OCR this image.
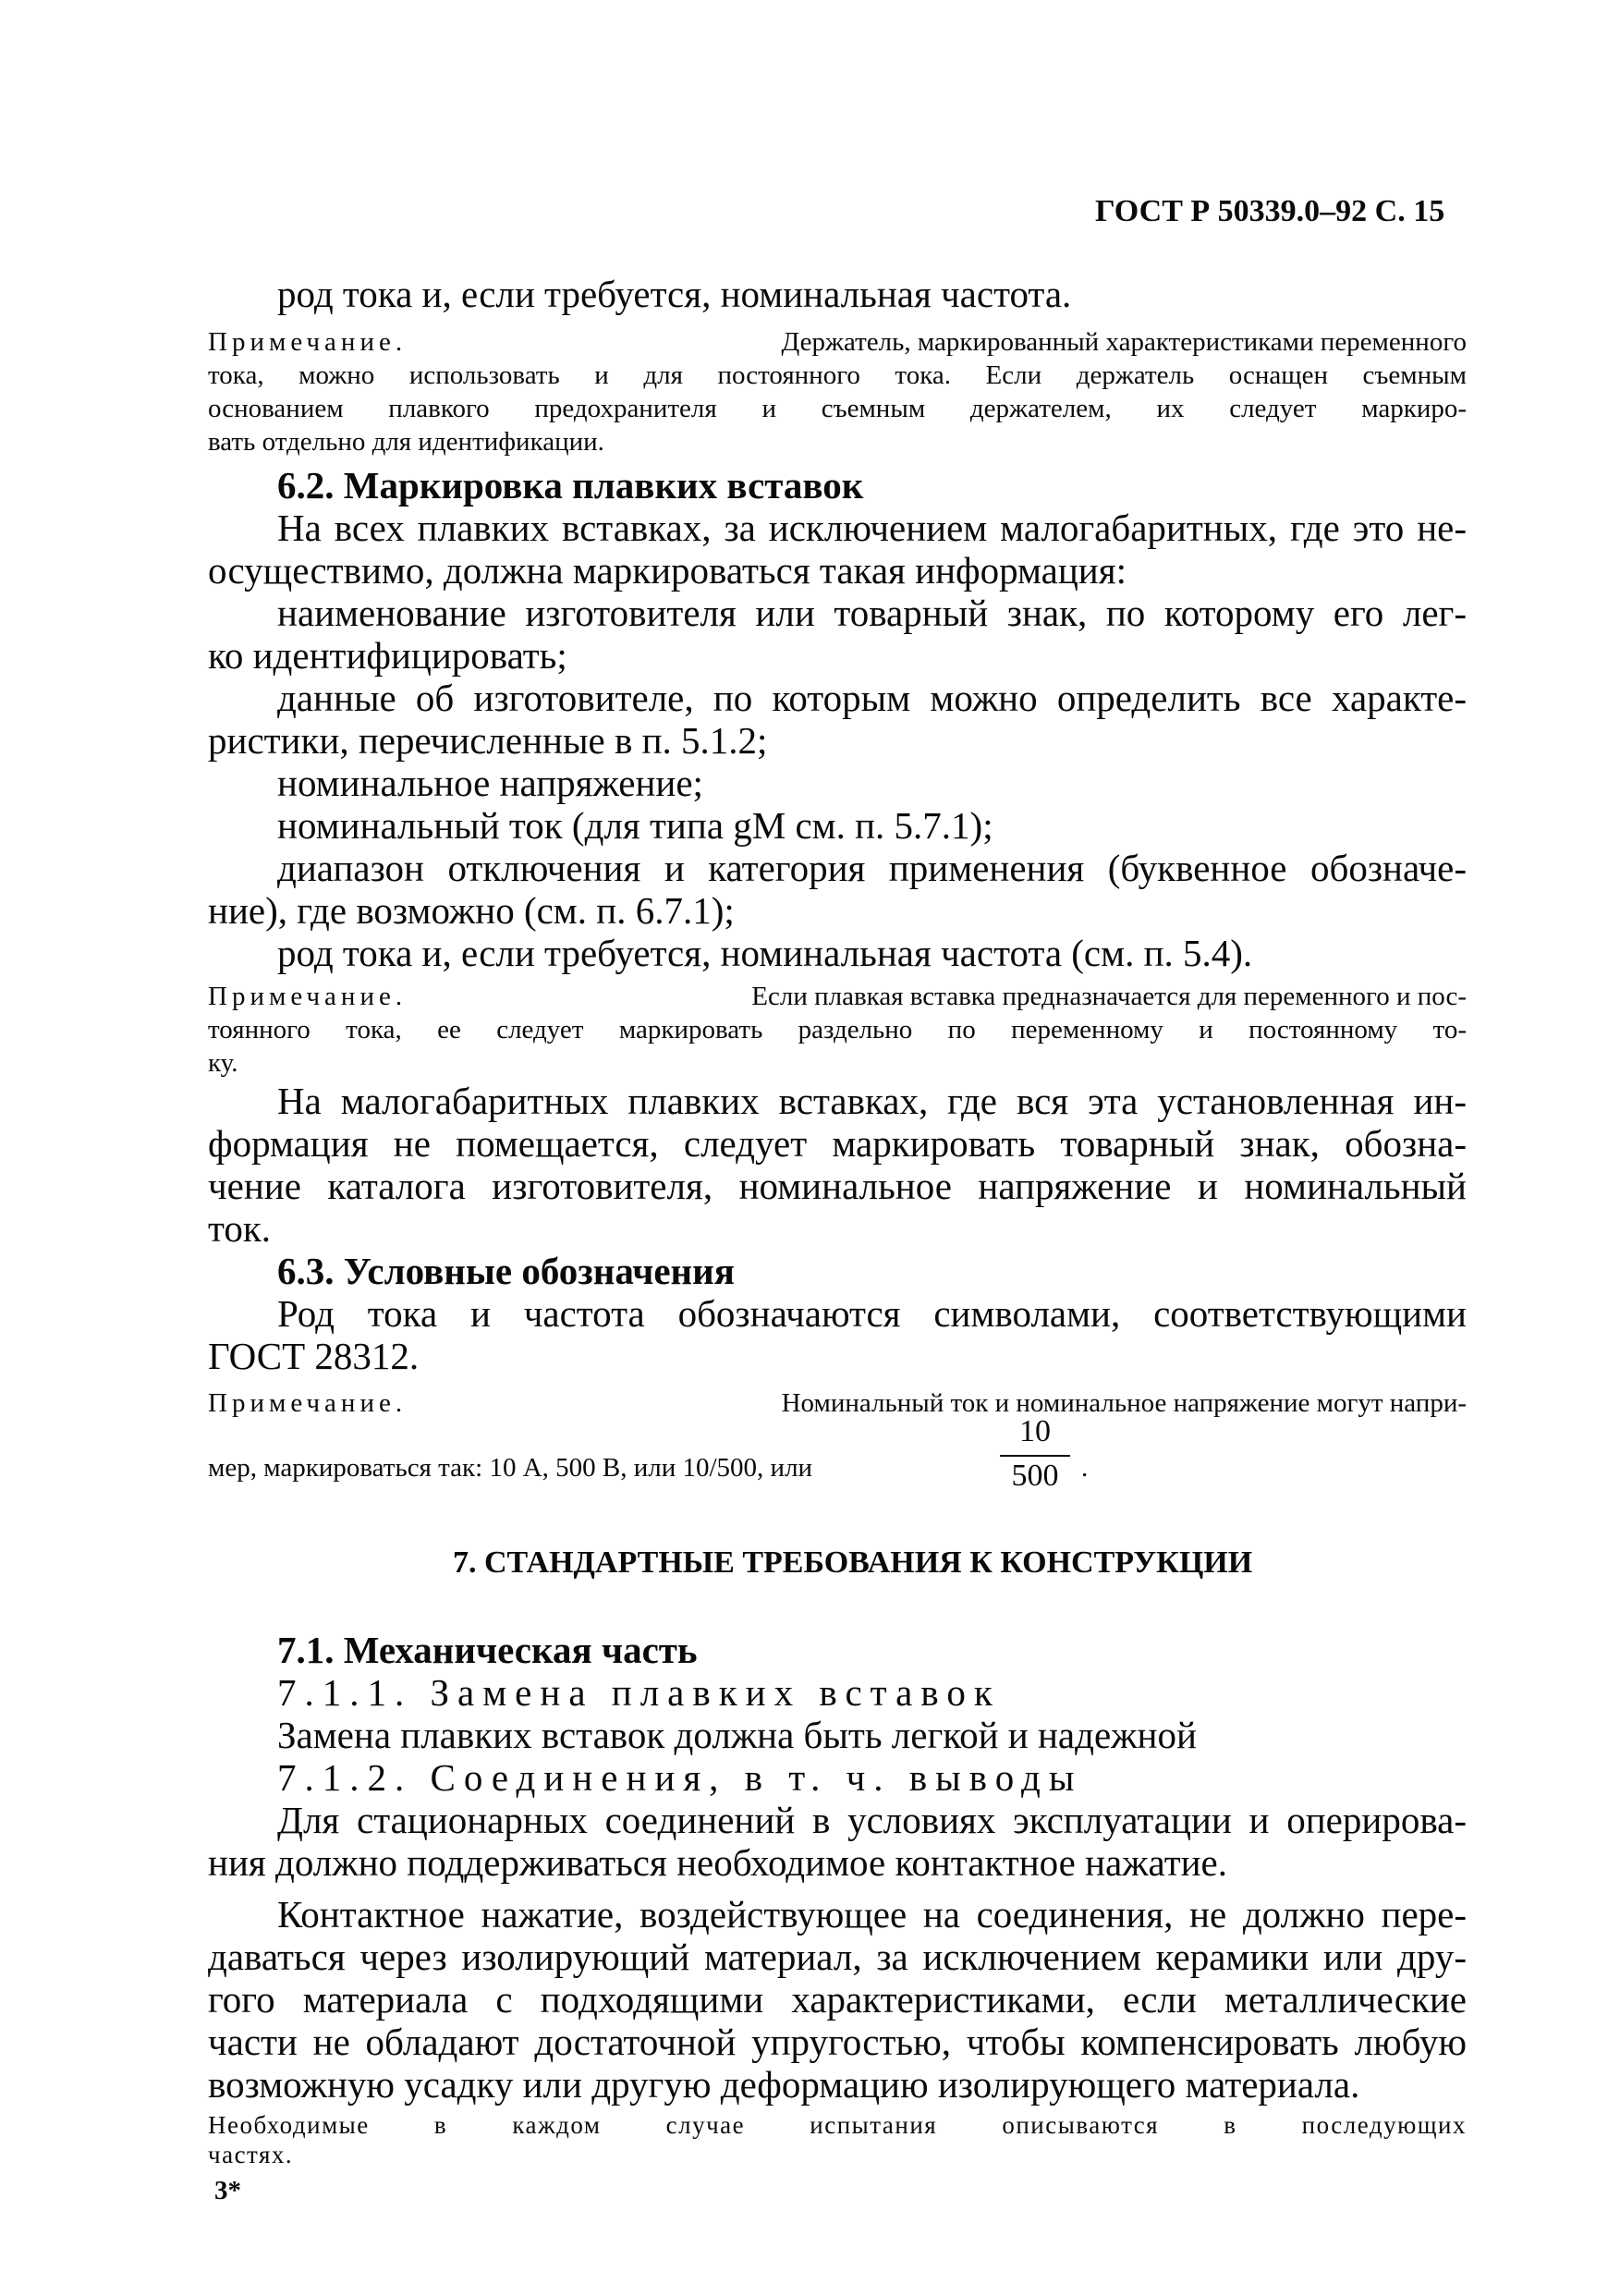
ГОСТ Р 50339.0–92 С. 15
род тока и, если требуется, номинальная частота.
Примечание.	Держатель, маркированный характеристиками переменного
тока, можно использовать и для постоянного тока. Если держатель оснащен съемным
основанием плавкого предохранителя и съемным держателем, их следует маркиро-
вать отдельно для идентификации.
6.2. Маркировка плавких вставок
На всех плавких вставках, за исключением малогабаритных, где это не-
осуществимо, должна маркироваться такая информация:
наименование изготовителя или товарный знак, по которому его лег-
ко идентифицировать;
данные об изготовителе, по которым можно определить все характе-
ристики, перечисленные в п. 5.1.2;
номинальное напряжение;
номинальный ток (для типа gM см. п. 5.7.1);
диапазон отключения и категория применения (буквенное обозначе-
ние), где возможно (см. п. 6.7.1);
род тока и, если требуется, номинальная частота (см. п. 5.4).
Примечание.	Если плавкая вставка предназначается для переменного и пос-
тоянного тока, ее следует маркировать раздельно по переменному и постоянному то-
ку.
На малогабаритных плавких вставках, где вся эта установленная ин-
формация не помещается, следует маркировать товарный знак, обозна-
чение каталога изготовителя, номинальное напряжение и номинальный
ток.
6.3. Условные обозначения
Род тока и частота обозначаются символами, соответствующими
ГОСТ 28312.
Примечание.	Номинальный ток и номинальное напряжение могут напри-
мер, маркироваться так: 10 А, 500 В, или 10/500, или
10
500 .
7. СТАНДАРТНЫЕ ТРЕБОВАНИЯ К КОНСТРУКЦИИ
7.1. Механическая часть
7.1.1. Замена плавких вставок
Замена плавких вставок должна быть легкой и надежной
7.1.2. Соединения, в т. ч. выводы
Для стационарных соединений в условиях эксплуатации и оперирова-
ния должно поддерживаться необходимое контактное нажатие.
Контактное нажатие, воздействующее на соединения, не должно пере-
даваться через изолирующий материал, за исключением керамики или дру-
гого материала с подходящими характеристиками, если металлические
части не обладают достаточной упругостью, чтобы компенсировать любую
возможную усадку или другую деформацию изолирующего материала.
Необходимые в каждом случае испытания описываются в последующих
частях.
3*
